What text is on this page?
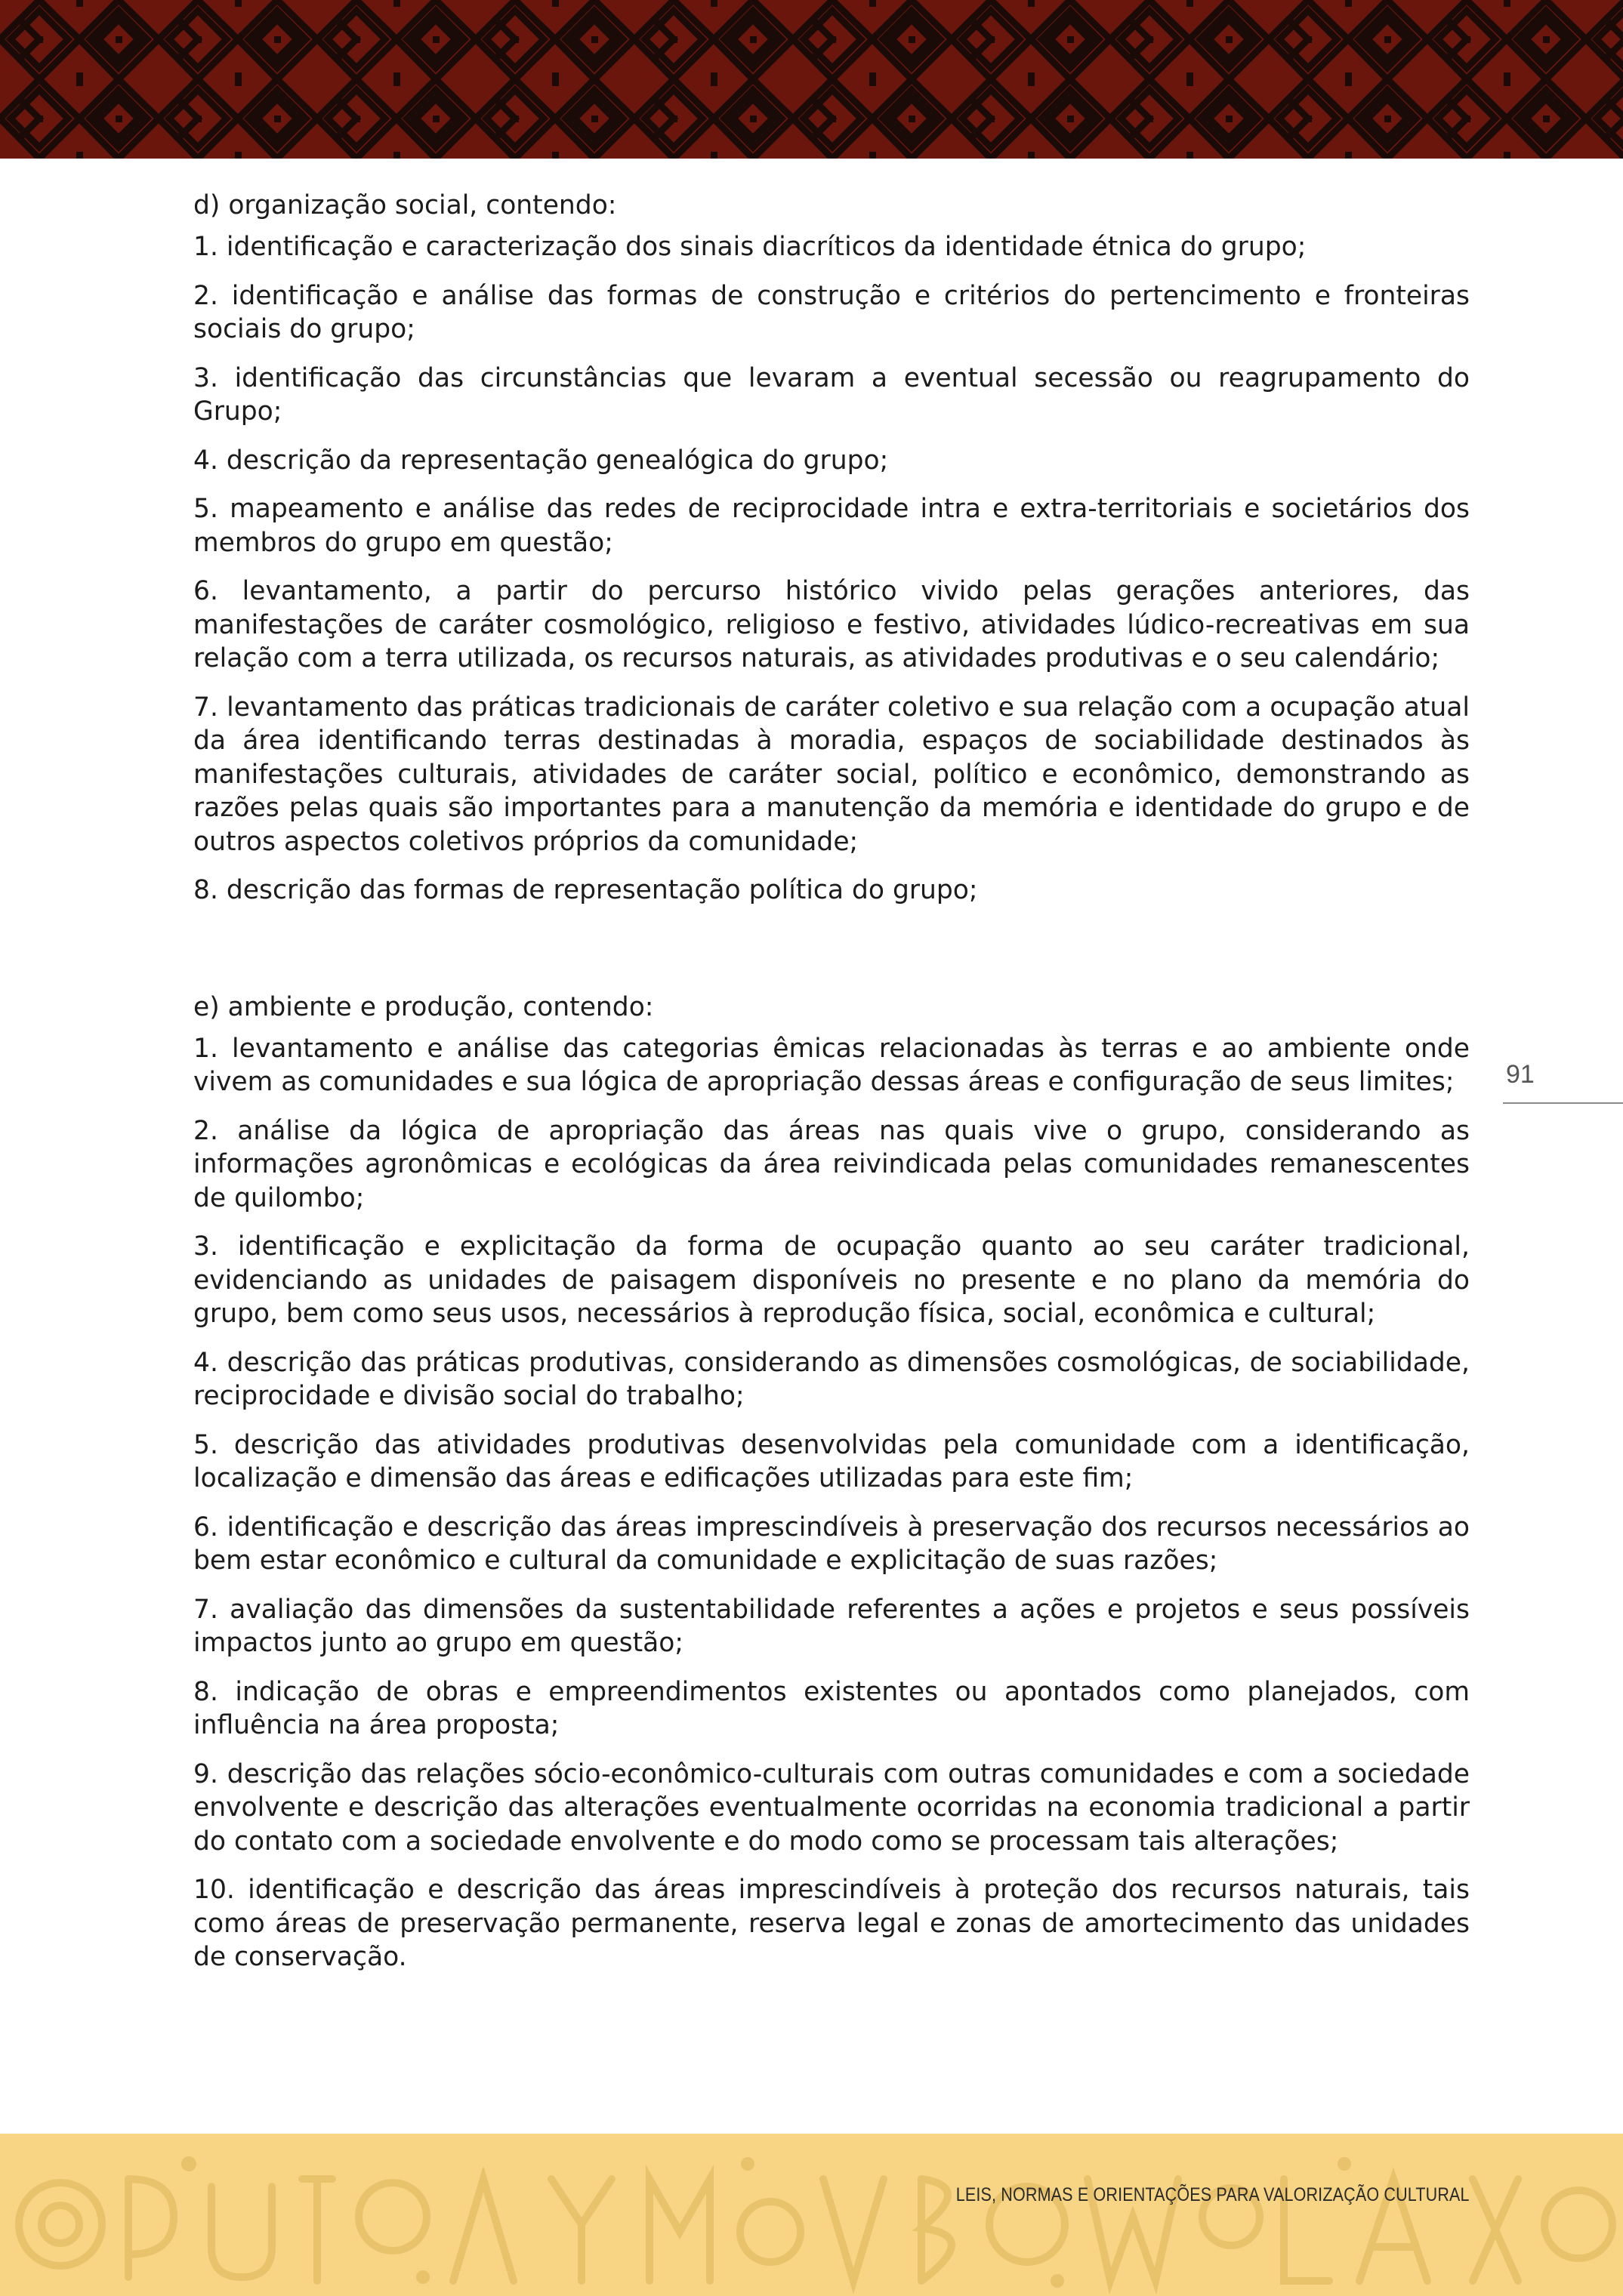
d) organização social, contendo:

1. identificação e caracterização dos sinais diacríticos da identidade étnica do grupo;

2. identificação e análise das formas de construção e critérios do pertencimento e fronteiras sociais do grupo;

3. identificação das circunstâncias que levaram a eventual secessão ou reagrupamento do Grupo;

4. descrição da representação genealógica do grupo;

5. mapeamento e análise das redes de reciprocidade intra e extra-territoriais e societários dos membros do grupo em questão;

6. levantamento, a partir do percurso histórico vivido pelas gerações anteriores, das manifestações de caráter cosmológico, religioso e festivo, atividades lúdico-recreativas em sua relação com a terra utilizada, os recursos naturais, as atividades produtivas e o seu calendário;

7. levantamento das práticas tradicionais de caráter coletivo e sua relação com a ocupação atual da área identificando terras destinadas à moradia, espaços de sociabilidade destinados às manifestações culturais, atividades de caráter social, político e econômico, demonstrando as razões pelas quais são importantes para a manutenção da memória e identidade do grupo e de outros aspectos coletivos próprios da comunidade;

8. descrição das formas de representação política do grupo;

e) ambiente e produção, contendo:

1. levantamento e análise das categorias êmicas relacionadas às terras e ao ambiente onde vivem as comunidades e sua lógica de apropriação dessas áreas e configuração de seus limites;

2. análise da lógica de apropriação das áreas nas quais vive o grupo, considerando as informações agronômicas e ecológicas da área reivindicada pelas comunidades remanescentes de quilombo;

3. identificação e explicitação da forma de ocupação quanto ao seu caráter tradicional, evidenciando as unidades de paisagem disponíveis no presente e no plano da memória do grupo, bem como seus usos, necessários à reprodução física, social, econômica e cultural;

4. descrição das práticas produtivas, considerando as dimensões cosmológicas, de sociabilidade, reciprocidade e divisão social do trabalho;

5. descrição das atividades produtivas desenvolvidas pela comunidade com a identificação, localização e dimensão das áreas e edificações utilizadas para este fim;

6. identificação e descrição das áreas imprescindíveis à preservação dos recursos necessários ao bem estar econômico e cultural da comunidade e explicitação de suas razões;

7. avaliação das dimensões da sustentabilidade referentes a ações e projetos e seus possíveis impactos junto ao grupo em questão;

8. indicação de obras e empreendimentos existentes ou apontados como planejados, com influência na área proposta;

9. descrição das relações sócio-econômico-culturais com outras comunidades e com a sociedade envolvente e descrição das alterações eventualmente ocorridas na economia tradicional a partir do contato com a sociedade envolvente e do modo como se processam tais alterações;

10. identificação e descrição das áreas imprescindíveis à proteção dos recursos naturais, tais como áreas de preservação permanente, reserva legal e zonas de amortecimento das unidades de conservação.

91
LEIS, NORMAS E ORIENTAÇÕES PARA VALORIZAÇÃO CULTURAL
